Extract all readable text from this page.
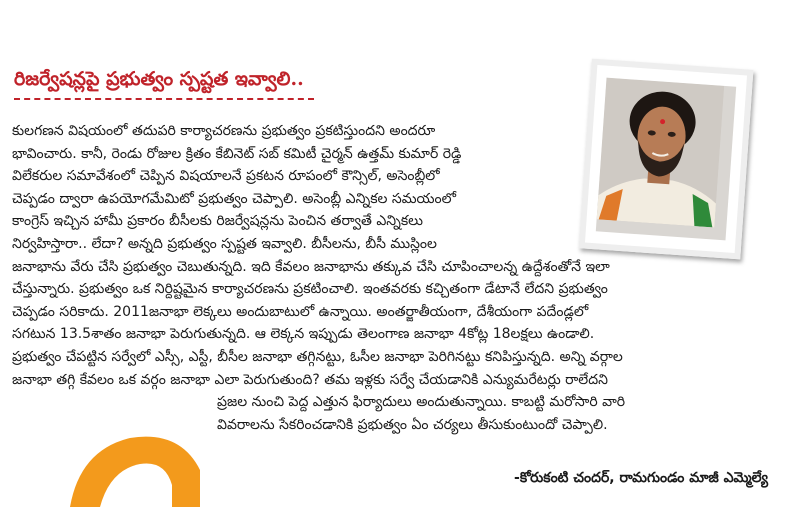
రిజర్వేషన్లపై ప్రభుత్వం స్పష్టత ఇవ్వాలి..
కులగణన విషయంలో తదుపరి కార్యాచరణను ప్రభుత్వం ప్రకటిస్తుందని అందరూ
భావించారు. కానీ, రెండు రోజుల క్రితం కేబినెట్ సబ్ కమిటీ చైర్మన్ ఉత్తమ్ కుమార్ రెడ్డి
విలేకరుల సమావేశంలో చెప్పిన విషయాలనే ప్రకటన రూపంలో కౌన్సిల్, అసెంబ్లీలో
చెప్పడం ద్వారా ఉపయోగమేమిటో ప్రభుత్వం చెప్పాలి. అసెంబ్లీ ఎన్నికల సమయంలో
కాంగ్రెస్ ఇచ్చిన హామీ ప్రకారం బీసీలకు రిజర్వేషన్లను పెంచిన తర్వాతే ఎన్నికలు
నిర్వహిస్తారా.. లేదా? అన్నది ప్రభుత్వం స్పష్టత ఇవ్వాలి. బీసీలను, బీసీ ముస్లింల
జనాభాను వేరు చేసి ప్రభుత్వం చెబుతున్నది. ఇది కేవలం జనాభాను తక్కువ చేసి చూపించాలన్న ఉద్దేశంతోనే ఇలా
చేస్తున్నారు. ప్రభుత్వం ఒక నిర్దిష్టమైన కార్యాచరణను ప్రకటించాలి. ఇంతవరకు కచ్చితంగా డేటానే లేదని ప్రభుత్వం
చెప్పడం సరికాదు. 2011జనాభా లెక్కలు అందుబాటులో ఉన్నాయి. అంతర్జాతీయంగా, దేశీయంగా పదేండ్లలో
సగటున 13.5శాతం జనాభా పెరుగుతున్నది. ఆ లెక్కన ఇప్పుడు తెలంగాణ జనాభా 4కోట్ల 18లక్షలు ఉండాలి.
ప్రభుత్వం చేపట్టిన సర్వేలో ఎస్సీ, ఎస్టీ, బీసీల జనాభా తగ్గినట్టు, ఓసీల జనాభా పెరిగినట్టు కనిపిస్తున్నది. అన్ని వర్గాల
జనాభా తగ్గి కేవలం ఒక వర్గం జనాభా ఎలా పెరుగుతుంది? తమ ఇళ్లకు సర్వే చేయడానికి ఎన్యుమరేటర్లు రాలేదని
ప్రజల నుంచి పెద్ద ఎత్తున ఫిర్యాదులు అందుతున్నాయి. కాబట్టి మరోసారి వారి
వివరాలను సేకరించడానికి ప్రభుత్వం ఏం చర్యలు తీసుకుంటుందో చెప్పాలి.
-కోరుకంటి చందర్, రామగుండం మాజీ ఎమ్మెల్యే
